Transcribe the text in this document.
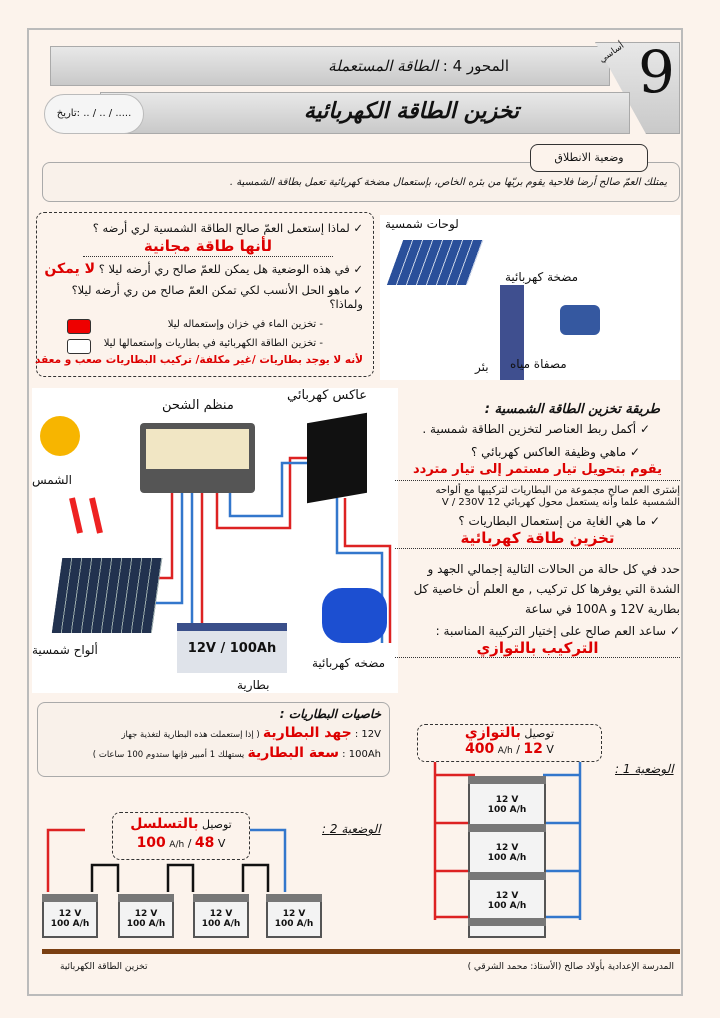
المحور 4 : الطاقة المستعملة	9
أساسي
تخزين الطاقة الكهربائية
تاريخ: .. / .. / .....
يمتلك العمّ صالح أرضا فلاحية يقوم بريّها من بئره الخاص، بإستعمال مضخة كهربائية تعمل بطاقة الشمسية .
وضعية الانطلاق
✓ لماذا إستعمل العمّ صالح الطاقة الشمسية لري أرضه ؟
لأنها طاقة مجانية
✓ في هذه الوضعية هل يمكن للعمّ صالح ري أرضه ليلا ؟ لا يمكن
✓ ماهو الحل الأنسب لكي تمكن العمّ صالح من ري أرضه ليلا؟ ولماذا؟
- تخزين الماء في خزان وإستعماله ليلا
- تخزين الطاقة الكهربائية في بطاريات وإستعمالها ليلا
لأنه لا يوجد بطاريات /غير مكلفة/ تركيب البطاريات صعب و معقد
لوحات شمسية
مضخة كهربائية
مصفاة مياه
بئر
12V / 100Ah
منظم الشحن
عاكس كهربائي
الشمس
ألواح شمسية
مضخه كهربائية
بطارية
طريقة تخزين الطاقة الشمسية :
✓ أكمل ربط العناصر لتخزين الطاقة شمسية .
✓ ماهي وظيفة العاكس كهربائي ؟
يقوم بتحويل تيار مستمر إلى تيار متردد
إشترى العم صالح مجموعة من البطاريات لتركيبها مع ألواحه الشمسية علما وأنه يستعمل محول كهربائي 12 V / 230V
✓ ما هي الغاية من إستعمال البطاريات ؟
تخزين طاقة كهربائية
حدد في كل حالة من الحالات التالية إجمالي الجهد و الشدة التي يوفرها كل تركيب , مع العلم أن خاصية كل بطارية 12V و 100A في ساعة
✓ ساعد العم صالح على إختيار التركيبة المناسبة :
التركيب بالتوازي
خاصيات البطاريات :
12V : جهد البطارية ( إذا إستعملت هذه البطارية لتغذية جهاز
100Ah : سعة البطارية يستهلك 1 أمبير فإنها ستدوم 100 ساعات )
توصيل بالتوازي
400 A/h / 12 V
الوضعية 1 :
12 V
100 A/h
12 V
100 A/h
12 V
100 A/h
توصيل بالتسلسل
100 A/h / 48 V
الوضعية 2 :
12 V
100 A/h
12 V
100 A/h
12 V
100 A/h
12 V
100 A/h
المدرسة الإعدادية بأولاد صالح (الأستاذ: محمد الشرقي )
تخزين الطاقة الكهربائية
